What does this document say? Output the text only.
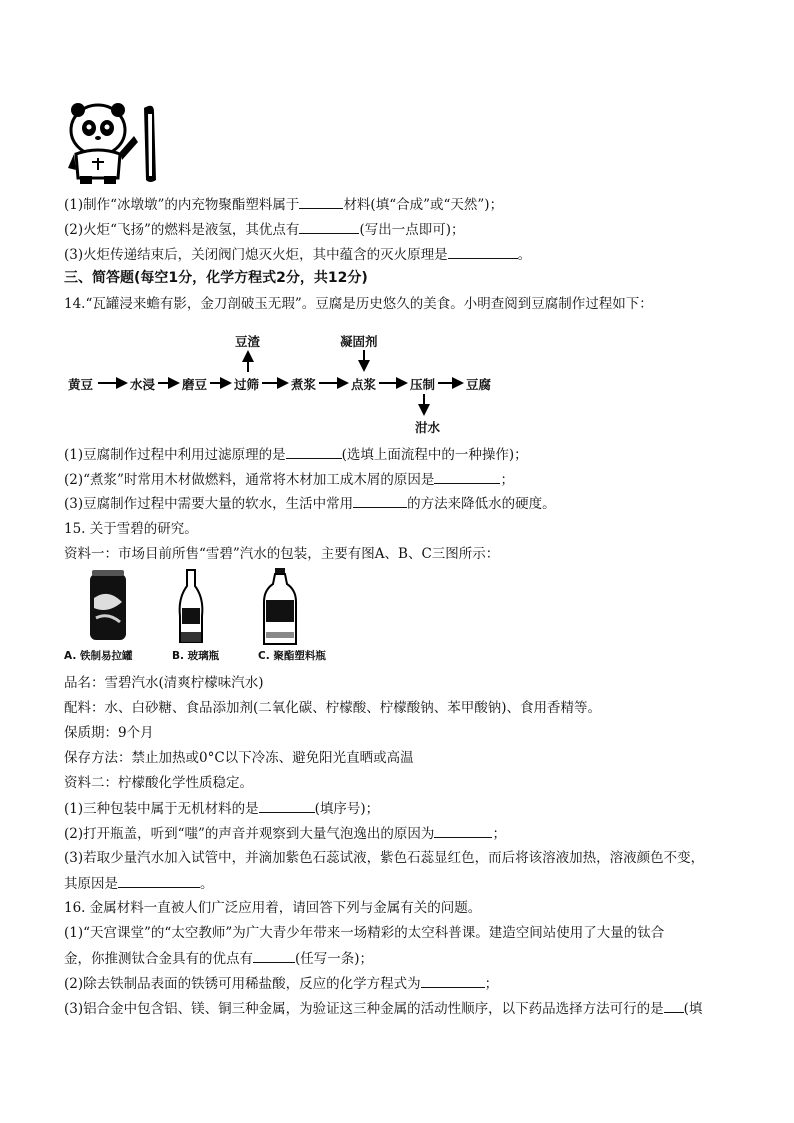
(1)制作“冰墩墩”的内充物聚酯塑料属于	材料(填“合成”或“天然”)；
(2)火炬“飞扬”的燃料是液氢，其优点有	(写出一点即可)；
(3)火炬传递结束后，关闭阀门熄灭火炬，其中蕴含的灭火原理是	。
三、简答题(每空1分，化学方程式2分，共12分)
14.“瓦罐浸来蟾有影，金刀剖破玉无瑕”。豆腐是历史悠久的美食。小明查阅到豆腐制作过程如下：
豆渣	凝固剂
黄豆	水浸 磨豆 过筛	煮浆	点浆	压制 豆腐
泔水
(1)豆腐制作过程中利用过滤原理的是	(选填上面流程中的一种操作)；
(2)“煮浆”时常用木材做燃料，通常将木材加工成木屑的原因是	；
(3)豆腐制作过程中需要大量的软水，生活中常用	的方法来降低水的硬度。
15. 关于雪碧的研究。
资料一：市场目前所售“雪碧”汽水的包装，主要有图A、B、C三图所示：
A. 铁制易拉罐	B. 玻璃瓶	C. 聚酯塑料瓶
品名：雪碧汽水(清爽柠檬味汽水)
配料：水、白砂糖、食品添加剂(二氧化碳、柠檬酸、柠檬酸钠、苯甲酸钠)、食用香精等。
保质期：9个月
保存方法：禁止加热或0°C以下冷冻、避免阳光直晒或高温
资料二：柠檬酸化学性质稳定。
(1)三种包装中属于无机材料的是	(填序号)；
(2)打开瓶盖，听到“嗤”的声音并观察到大量气泡逸出的原因为	；
(3)若取少量汽水加入试管中，并滴加紫色石蕊试液，紫色石蕊显红色，而后将该溶液加热，溶液颜色不变，
其原因是	。
16. 金属材料一直被人们广泛应用着，请回答下列与金属有关的问题。
(1)“天宫课堂”的“太空教师”为广大青少年带来一场精彩的太空科普课。建造空间站使用了大量的钛合
金，你推测钛合金具有的优点有	(任写一条)；
(2)除去铁制品表面的铁锈可用稀盐酸，反应的化学方程式为	；
(3)铝合金中包含铝、镁、铜三种金属，为验证这三种金属的活动性顺序，以下药品选择方法可行的是 (填
